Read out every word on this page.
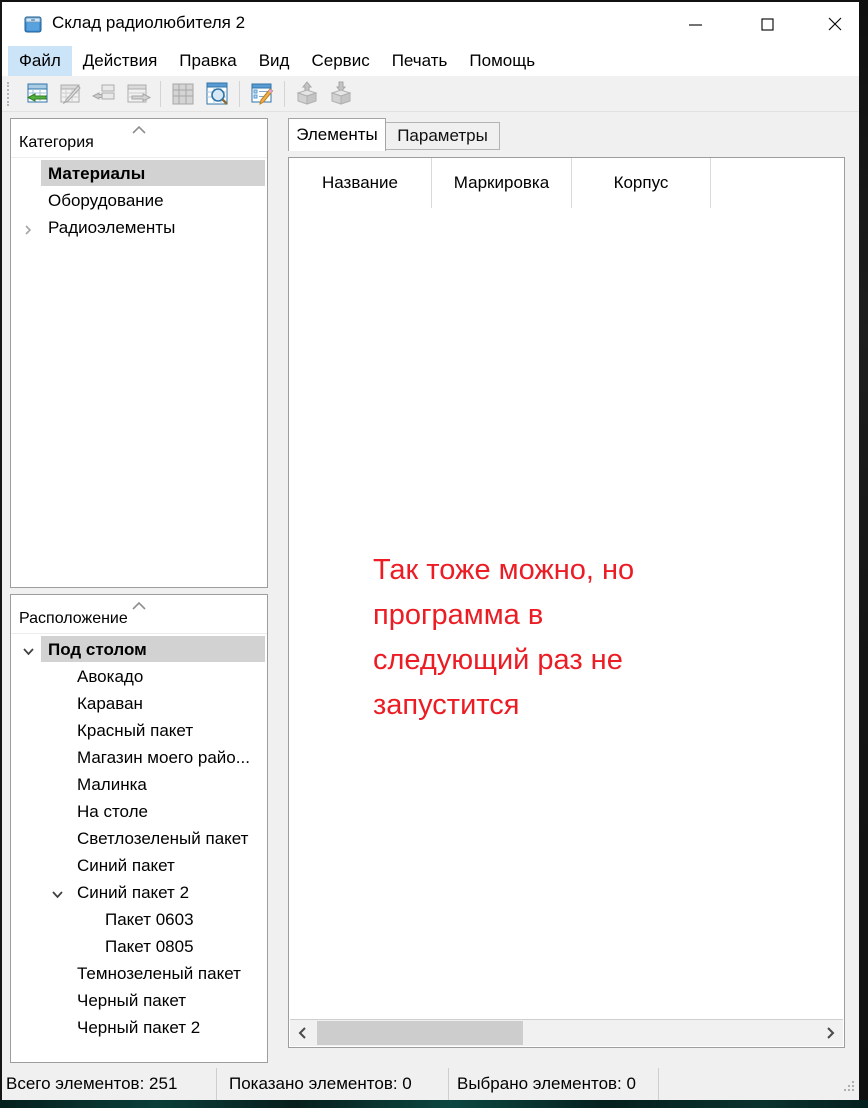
Склад радиолюбителя 2
Файл	Действия	Правка	Вид	Сервис	Печать	Помощь
Категория
Материалы
Оборудование
Радиоэлементы
Расположение
Под столом
Авокадо
Караван
Красный пакет
Магазин моего райо...
Малинка
На столе
Светлозеленый пакет
Синий пакет
Синий пакет 2
Пакет 0603
Пакет 0805
Темнозеленый пакет
Черный пакет
Черный пакет 2
Элементы	Параметры
Название	Маркировка	Корпус
Так тоже можно, но
программа в
следующий раз не
запустится
Всего элементов: 251	Показано элементов: 0	Выбрано элементов: 0
